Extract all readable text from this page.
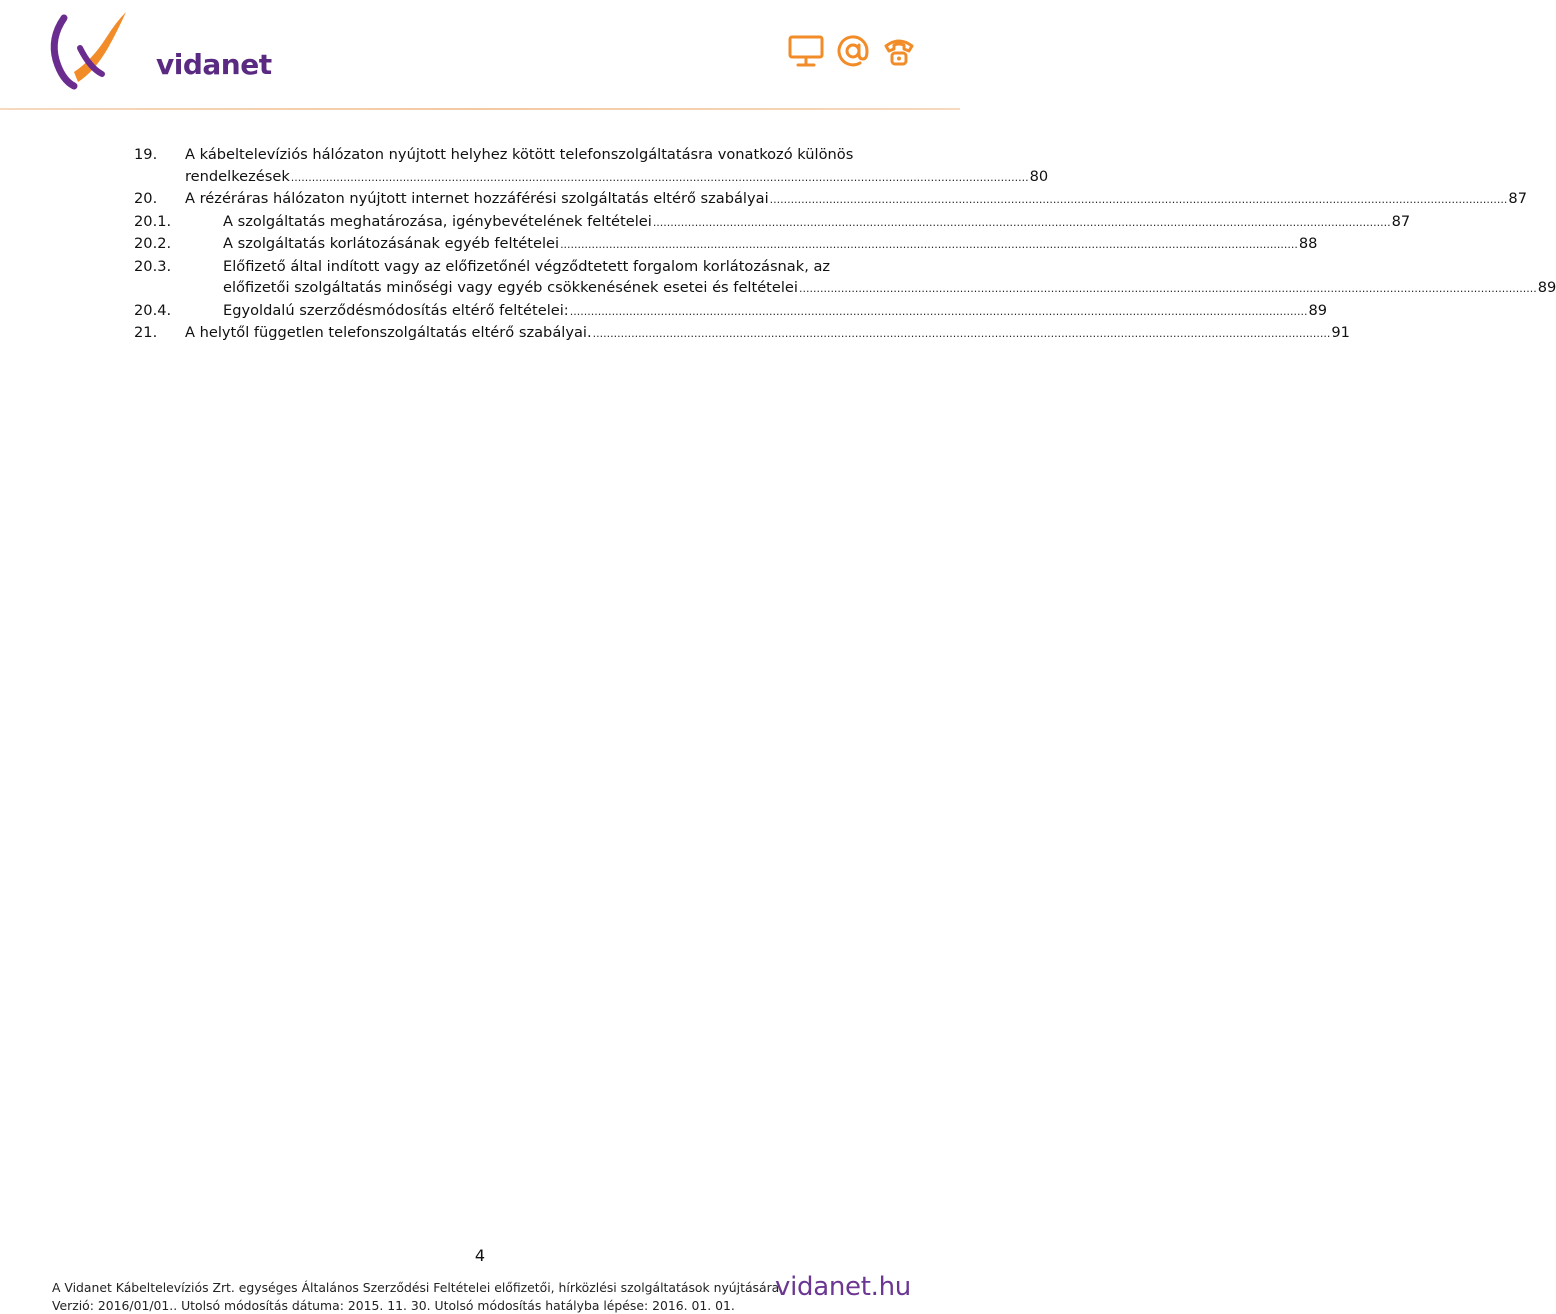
vidanet
19.	A kábeltelevíziós hálózaton nyújtott helyhez kötött telefonszolgáltatásra vonatkozó különös
rendelkezések ................................................................................................................................................................................................................... 80
20.	A rézéráras hálózaton nyújtott internet hozzáférési szolgáltatás eltérő szabályai ................................................................................................................................................................................................................... 87
20.1.	A szolgáltatás meghatározása, igénybevételének feltételei ................................................................................................................................................................................................................... 87
20.2.	A szolgáltatás korlátozásának egyéb feltételei ................................................................................................................................................................................................................... 88
20.3.	Előfizető által indított vagy az előfizetőnél végződtetett forgalom korlátozásnak, az
előfizetői szolgáltatás minőségi vagy egyéb csökkenésének esetei és feltételei ................................................................................................................................................................................................................... 89
20.4.	Egyoldalú szerződésmódosítás eltérő feltételei: ................................................................................................................................................................................................................... 89
21.	A helytől független telefonszolgáltatás eltérő szabályai. ................................................................................................................................................................................................................... 91
4
A Vidanet Kábeltelevíziós Zrt. egységes Általános Szerződési Feltételei előfizetői, hírközlési szolgáltatások nyújtására.
Verzió: 2016/01/01.. Utolsó módosítás dátuma: 2015. 11. 30. Utolsó módosítás hatályba lépése: 2016. 01. 01.
vidanet.hu
